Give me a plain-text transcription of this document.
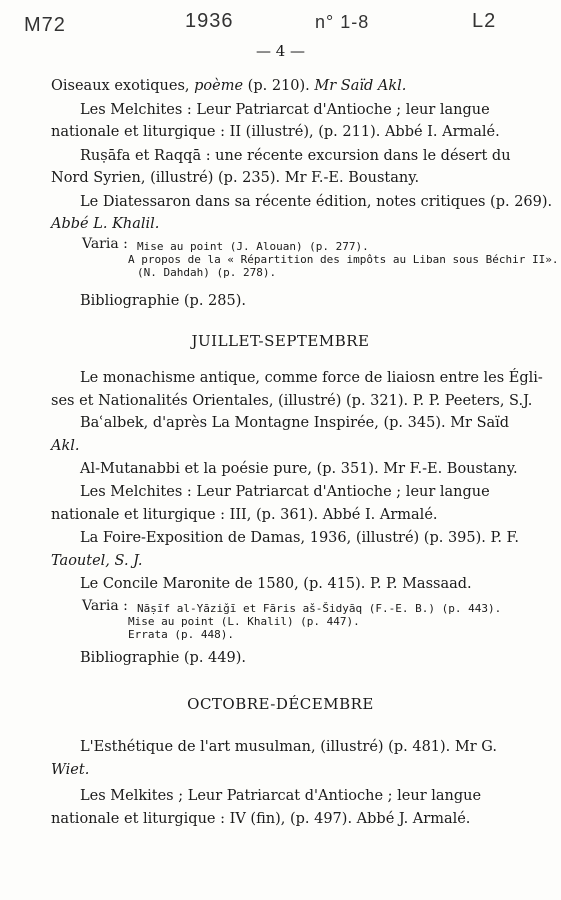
M72	1936	n° 1-8	L2
— 4 —
Oiseaux exotiques, poème (p. 210). Mr Saïd Akl.
Les Melchites : Leur Patriarcat d'Antioche ; leur langue
nationale et liturgique : II (illustré), (p. 211). Abbé I. Armalé.
Ruṣāfa et Raqqā : une récente excursion dans le désert du
Nord Syrien, (illustré) (p. 235). Mr F.-E. Boustany.
Le Diatessaron dans sa récente édition, notes critiques (p. 269).
Abbé L. Khalil.
Varia : Mise au point (J. Alouan) (p. 277).
A propos de la « Répartition des impôts au Liban sous Béchir II».
(N. Dahdah) (p. 278).
Bibliographie (p. 285).
JUILLET-SEPTEMBRE
Le monachisme antique, comme force de liaiosn entre les Égli-
ses et Nationalités Orientales, (illustré) (p. 321). P. P. Peeters, S.J.
Baʿalbek, d'après La Montagne Inspirée, (p. 345). Mr Saïd
Akl.
Al-Mutanabbi et la poésie pure, (p. 351). Mr F.-E. Boustany.
Les Melchites : Leur Patriarcat d'Antioche ; leur langue
nationale et liturgique : III, (p. 361). Abbé I. Armalé.
La Foire-Exposition de Damas, 1936, (illustré) (p. 395). P. F.
Taoutel, S. J.
Le Concile Maronite de 1580, (p. 415). P. P. Massaad.
Varia : Nāṣīf al-Yāziǧī et Fāris aš-Šidyāq (F.-E. B.) (p. 443).
Mise au point (L. Khalil) (p. 447).
Errata (p. 448).
Bibliographie (p. 449).
OCTOBRE-DÉCEMBRE
L'Esthétique de l'art musulman, (illustré) (p. 481). Mr G.
Wiet.
Les Melkites ; Leur Patriarcat d'Antioche ; leur langue
nationale et liturgique : IV (fin), (p. 497). Abbé J. Armalé.
